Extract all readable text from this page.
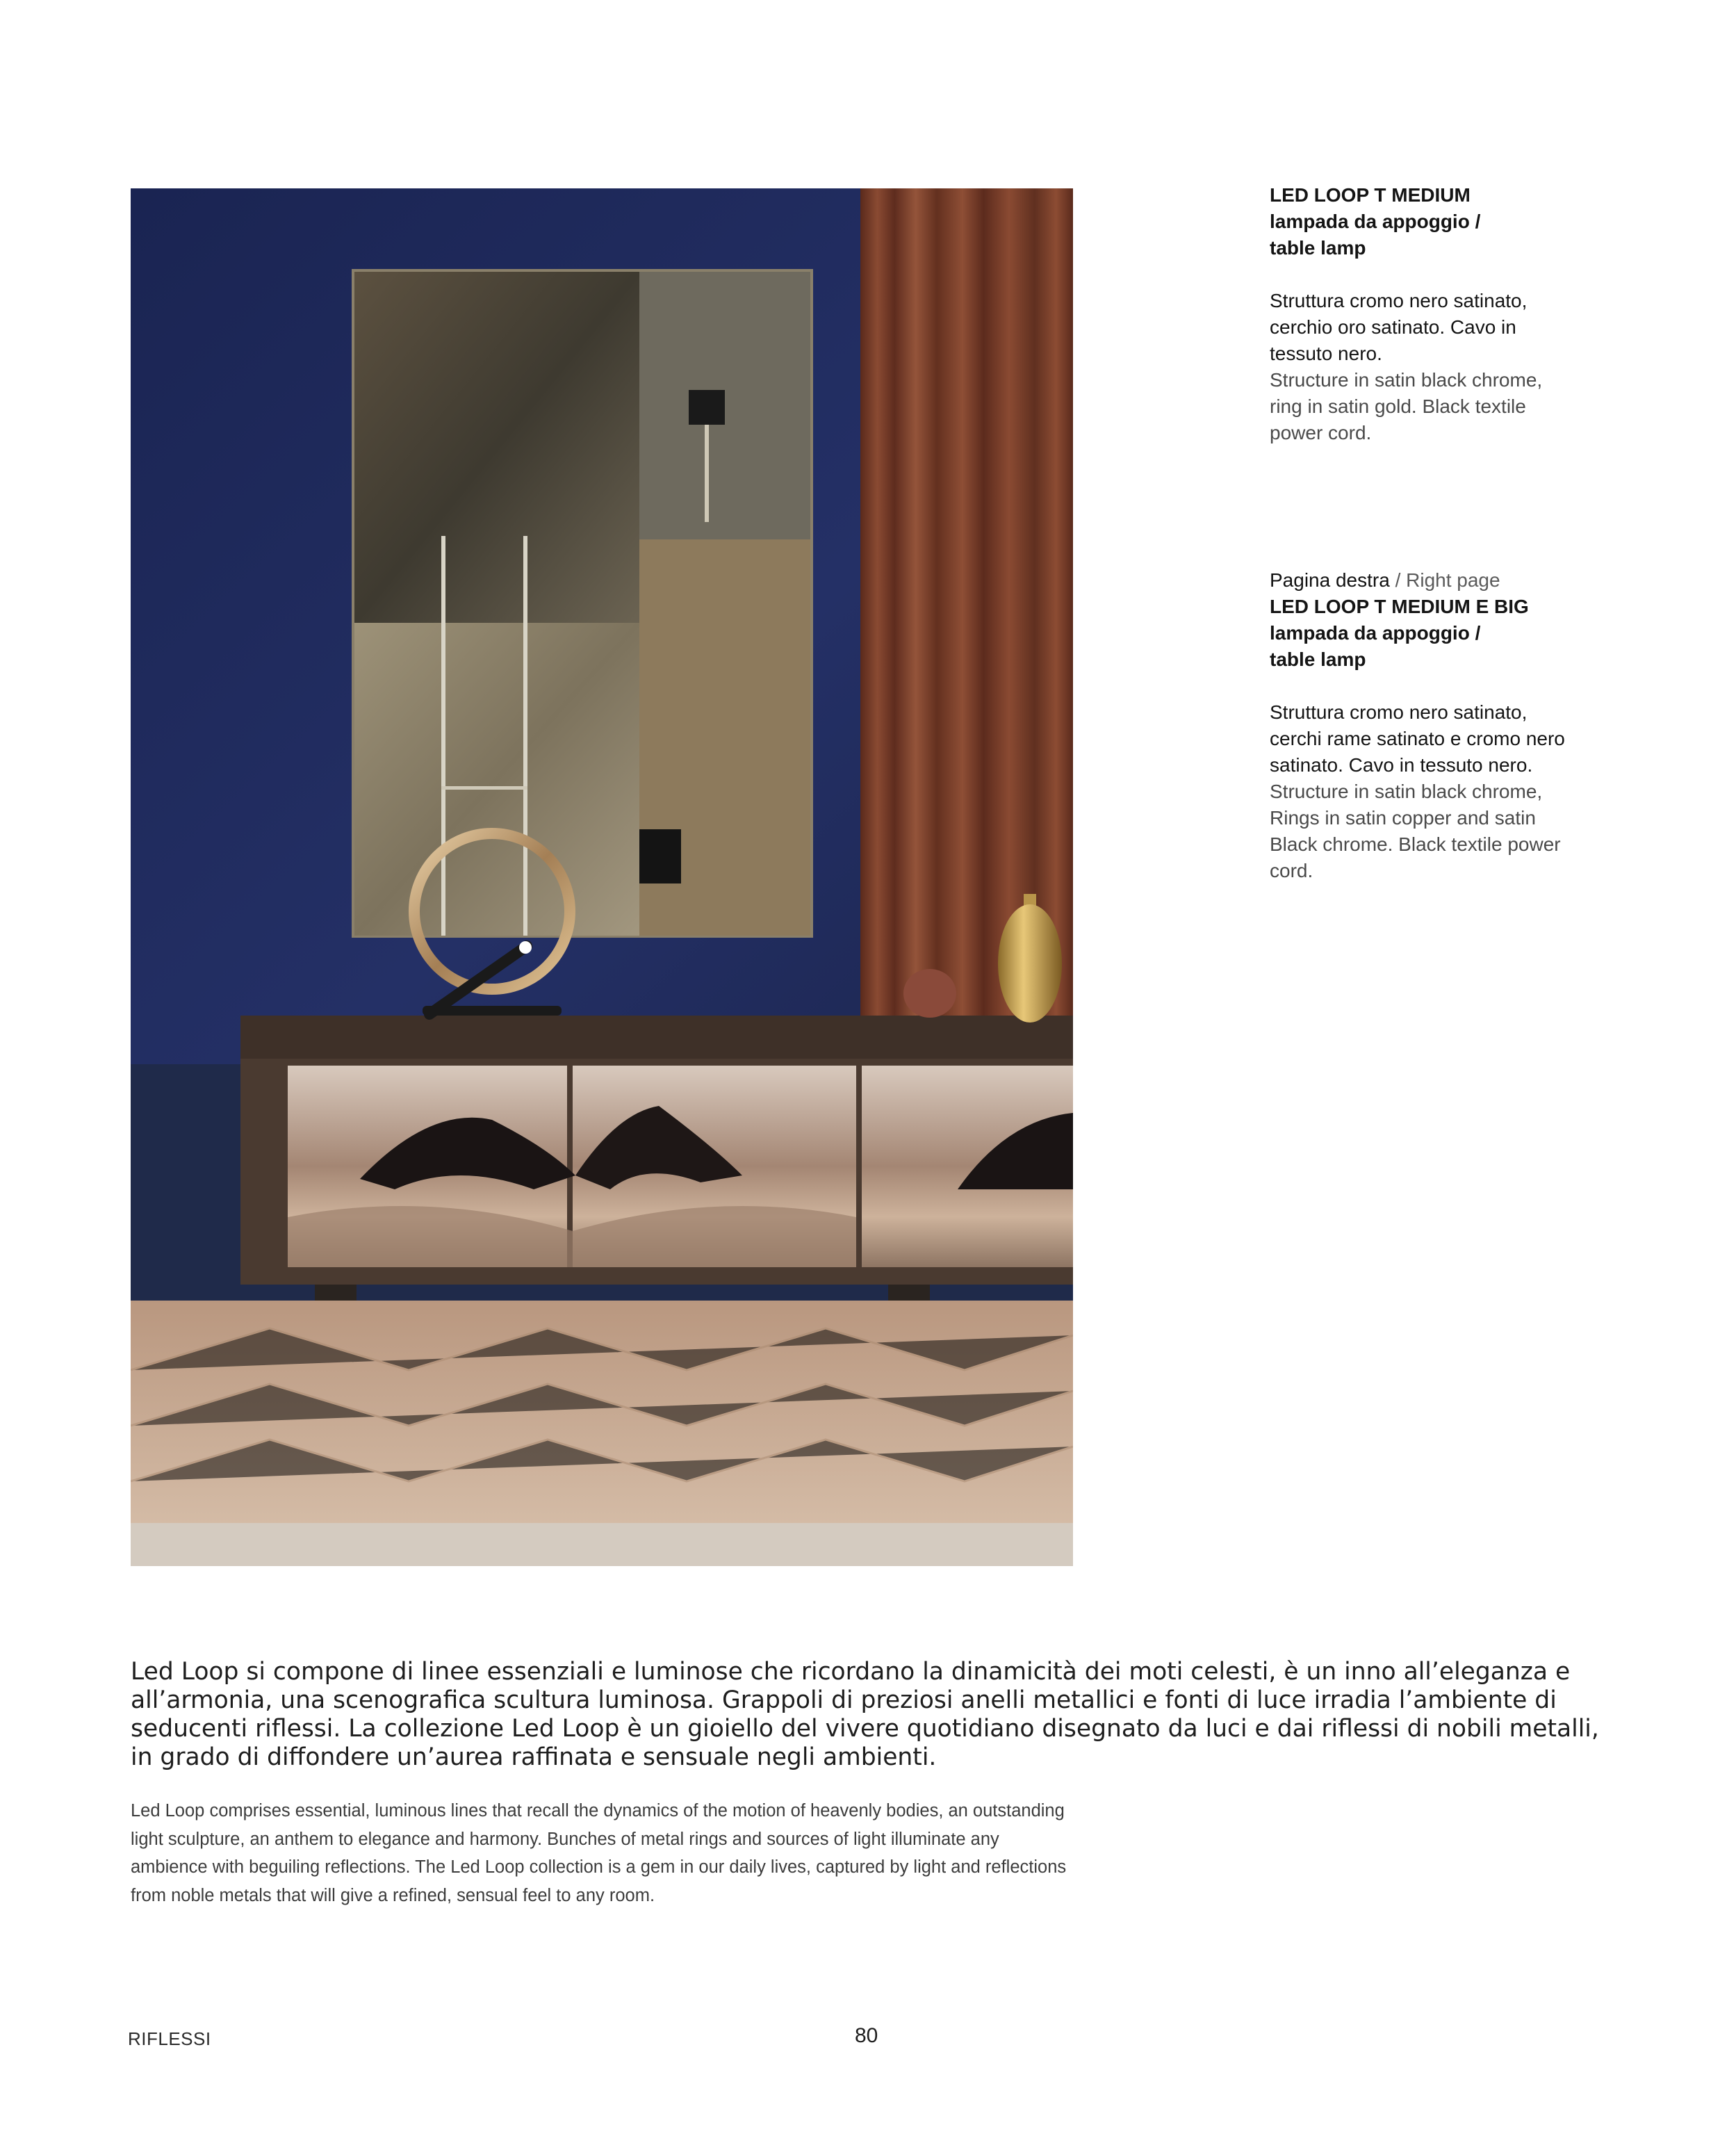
LED LOOP T MEDIUM
lampada da appoggio /
table lamp
Struttura cromo nero satinato, cerchio oro satinato. Cavo in tessuto nero.
Structure in satin black chrome, ring in satin gold. Black textile power cord.
Pagina destra / Right page
LED LOOP T MEDIUM E BIG
lampada da appoggio /
table lamp
Struttura cromo nero satinato, cerchi rame satinato e cromo nero satinato. Cavo in tessuto nero.
Structure in satin black chrome, Rings in satin copper and satin Black chrome. Black textile power cord.

Led Loop si compone di linee essenziali e luminose che ricordano la dinamicità dei moti celesti, è un inno all’eleganza e all’armonia, una scenografica scultura luminosa. Grappoli di preziosi anelli metallici e fonti di luce irradia l’ambiente di seducenti riflessi. La collezione Led Loop è un gioiello del vivere quotidiano disegnato da luci e dai riflessi di nobili metalli, in grado di diffondere un’aurea raffinata e sensuale negli ambienti.

Led Loop comprises essential, luminous lines that recall the dynamics of the motion of heavenly bodies, an outstanding light sculpture, an anthem to elegance and harmony. Bunches of metal rings and sources of light illuminate any ambience with beguiling reflections. The Led Loop collection is a gem in our daily lives, captured by light and reflections from noble metals that will give a refined, sensual feel to any room.

RIFLESSI	80
